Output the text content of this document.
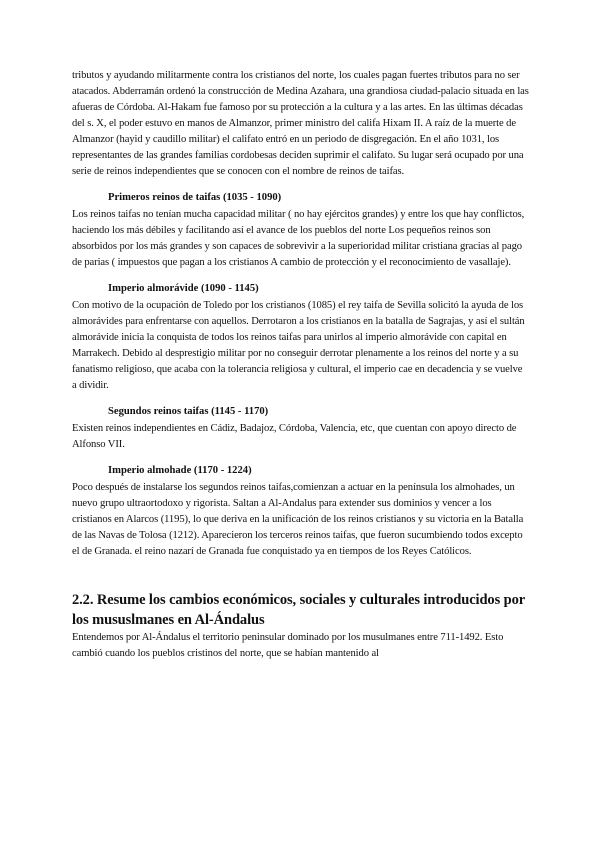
tributos y ayudando militarmente contra los cristianos del norte, los cuales pagan fuertes tributos para no ser atacados. Abderramán ordenó la construcción de Medina Azahara, una grandiosa ciudad-palacio situada en las afueras de Córdoba. Al-Hakam fue famoso por su protección a la cultura y a las artes. En las últimas décadas del s. X, el poder estuvo en manos de Almanzor, primer ministro del califa Hixam II. A raíz de la muerte de Almanzor (hayid y caudillo militar) el califato entró en un periodo de disgregación. En el año 1031, los representantes de las grandes familias cordobesas deciden suprimir el califato. Su lugar será ocupado por una serie de reinos independientes que se conocen con el nombre de reinos de taifas.

Primeros reinos de taifas (1035 - 1090)

Los reinos taifas no tenían mucha capacidad militar ( no hay ejércitos grandes) y entre los que hay conflictos, haciendo los más débiles y facilitando así el avance de los pueblos del norte Los pequeños reinos son absorbidos por los más grandes y son capaces de sobrevivir a la superioridad militar cristiana gracias al pago de parias ( impuestos que pagan a los cristianos A cambio de protección y el reconocimiento de vasallaje).

Imperio almorávide (1090 - 1145)

Con motivo de la ocupación de Toledo por los cristianos (1085) el rey taifa de Sevilla solicitó la ayuda de los almorávides para enfrentarse con aquellos. Derrotaron a los cristianos en la batalla de Sagrajas, y así el sultán almorávide inicia la conquista de todos los reinos taifas para unirlos al imperio almorávide con capital en Marrakech. Debido al desprestigio militar por no conseguir derrotar plenamente a los reinos del norte y a su fanatismo religioso, que acaba con la tolerancia religiosa y cultural, el imperio cae en decadencia y se vuelve a dividir.

Segundos reinos taifas (1145 - 1170)

Existen reinos independientes en Cádiz, Badajoz, Córdoba, Valencia, etc, que cuentan con apoyo directo de Alfonso VII.

Imperio almohade (1170 - 1224)

Poco después de instalarse los segundos reinos taifas,comienzan a actuar en la península los almohades, un nuevo grupo ultraortodoxo y rigorista. Saltan a Al-Andalus para extender sus dominios y vencer a los cristianos en Alarcos (1195), lo que deriva en la unificación de los reinos cristianos y su victoria en la Batalla de las Navas de Tolosa (1212). Aparecieron los terceros reinos taifas, que fueron sucumbiendo todos excepto el de Granada. el reino nazarí de Granada fue conquistado ya en tiempos de los Reyes Católicos.

2.2. Resume los cambios económicos, sociales y culturales introducidos por los mususlmanes en Al-Ándalus

Entendemos por Al-Ándalus el territorio peninsular dominado por los musulmanes entre 711-1492. Esto cambió cuando los pueblos cristinos del norte, que se habían mantenido al
